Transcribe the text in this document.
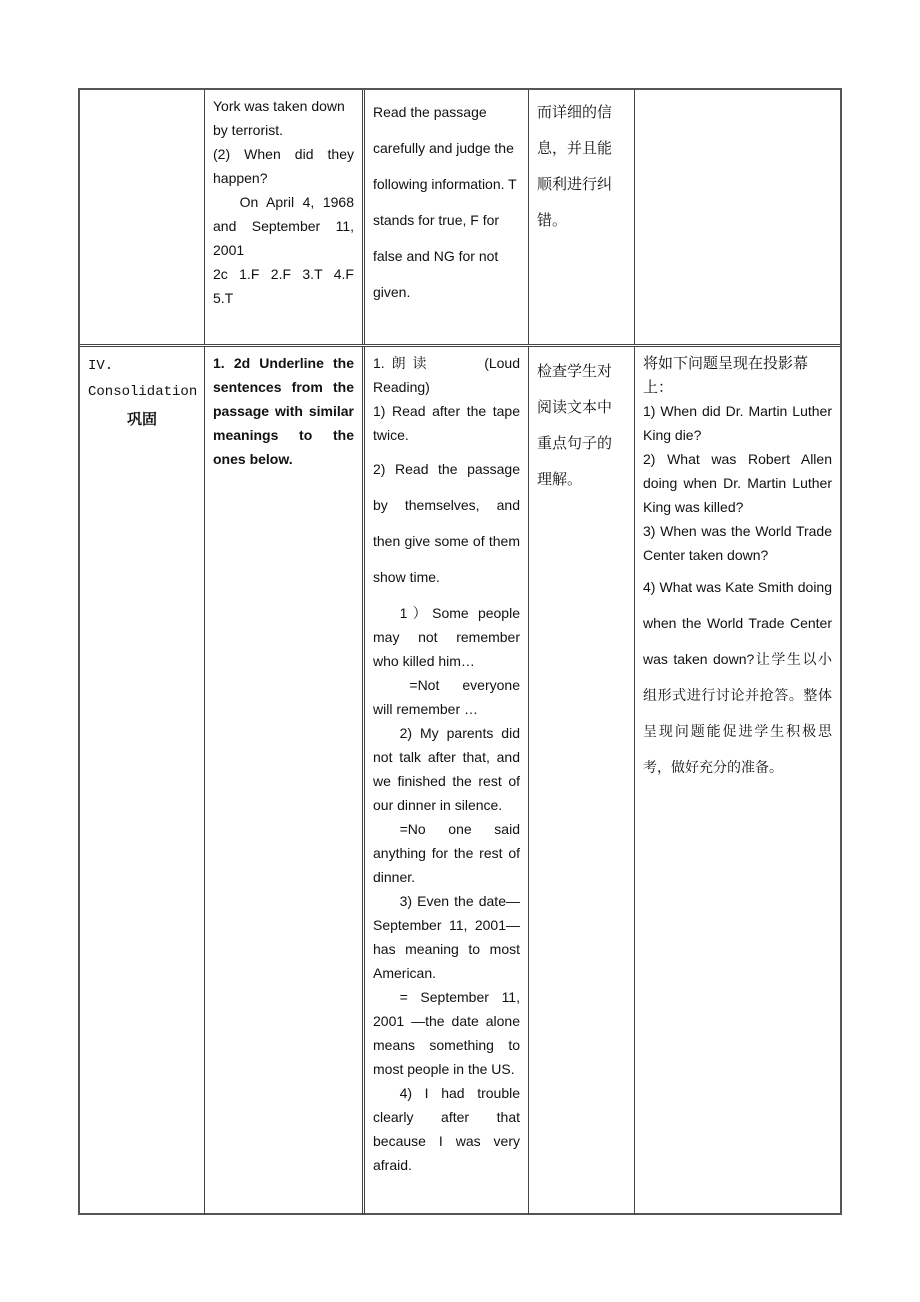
York was taken down by terrorist.

(2) When did they happen?

On April 4, 1968 and September 11, 2001

2c 1.F 2.F 3.T 4.F 5.T

Read the passage carefully and judge the following information. T stands for true, F for false and NG for not given.

而详细的信息，并且能顺利进行纠错。

IV.
Consolidation
巩固

1. 2d Underline the sentences from the passage with similar meanings to the ones below.

1.朗读 (Loud Reading)

1) Read after the tape twice.

2) Read the passage by themselves, and then give some of them show time.

1）Some people may not remember who killed him…

=Not everyone will remember …

2) My parents did not talk after that, and we finished the rest of our dinner in silence.

=No one said anything for the rest of dinner.

3) Even the date—September 11, 2001—has meaning to most American.

= September 11, 2001 —the date alone means something to most people in the US.

4) I had trouble clearly after that because I was very afraid.

检查学生对阅读文本中重点句子的理解。

将如下问题呈现在投影幕上：

1) When did Dr. Martin Luther King die?

2) What was Robert Allen doing when Dr. Martin Luther King was killed?

3) When was the World Trade Center taken down?

4) What was Kate Smith doing when the World Trade Center was taken down?让学生以小组形式进行讨论并抢答。整体呈现问题能促进学生积极思考，做好充分的准备。
